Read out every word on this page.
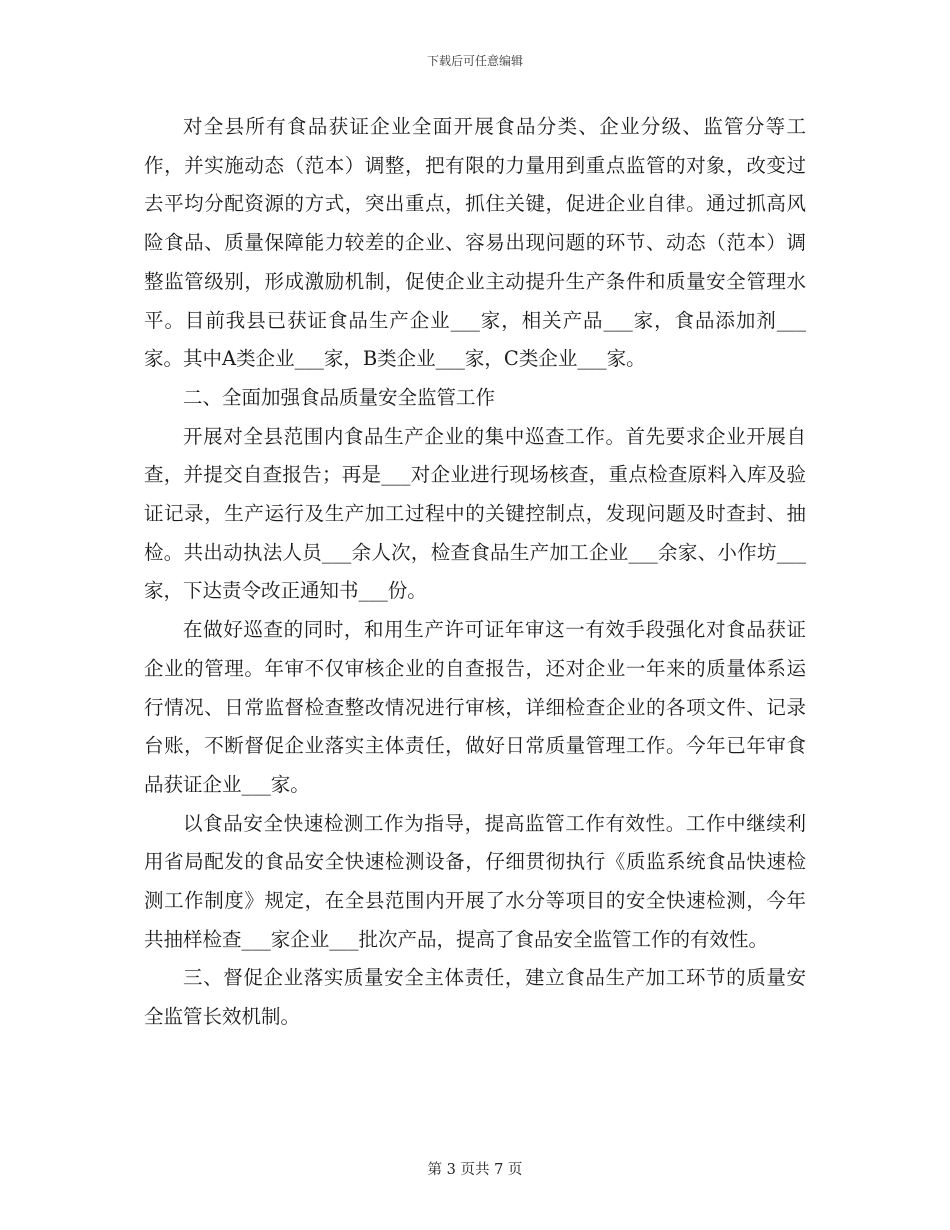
下载后可任意编辑

对全县所有食品获证企业全面开展食品分类、企业分级、监管分等工作，并实施动态（范本）调整，把有限的力量用到重点监管的对象，改变过去平均分配资源的方式，突出重点，抓住关键，促进企业自律。通过抓高风险食品、质量保障能力较差的企业、容易出现问题的环节、动态（范本）调整监管级别，形成激励机制，促使企业主动提升生产条件和质量安全管理水平。目前我县已获证食品生产企业___家，相关产品___家，食品添加剂___家。其中A类企业___家，B类企业___家，C类企业___家。

二、全面加强食品质量安全监管工作

开展对全县范围内食品生产企业的集中巡查工作。首先要求企业开展自查，并提交自查报告；再是___对企业进行现场核查，重点检查原料入库及验证记录，生产运行及生产加工过程中的关键控制点，发现问题及时查封、抽检。共出动执法人员___余人次，检查食品生产加工企业___余家、小作坊___家，下达责令改正通知书___份。

在做好巡查的同时，和用生产许可证年审这一有效手段强化对食品获证企业的管理。年审不仅审核企业的自查报告，还对企业一年来的质量体系运行情况、日常监督检查整改情况进行审核，详细检查企业的各项文件、记录台账，不断督促企业落实主体责任，做好日常质量管理工作。今年已年审食品获证企业___家。

以食品安全快速检测工作为指导，提高监管工作有效性。工作中继续利用省局配发的食品安全快速检测设备，仔细贯彻执行《质监系统食品快速检测工作制度》规定，在全县范围内开展了水分等项目的安全快速检测，今年共抽样检查___家企业___批次产品，提高了食品安全监管工作的有效性。

三、督促企业落实质量安全主体责任，建立食品生产加工环节的质量安全监管长效机制。

第 3 页共 7 页
